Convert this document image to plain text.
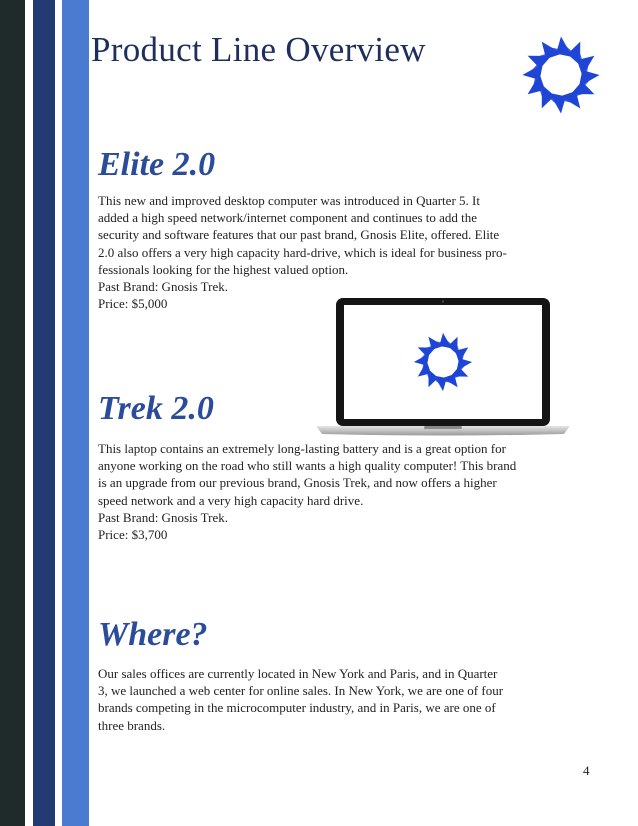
Product Line Overview
Elite 2.0
This new and improved desktop computer was introduced in Quarter 5. It
added a high speed network/internet component and continues to add the
security and software features that our past brand, Gnosis Elite, offered. Elite
2.0 also offers a very high capacity hard-drive, which is ideal for business pro-
fessionals looking for the highest valued option.
Past Brand: Gnosis Trek.
Price: $5,000
Trek 2.0
This laptop contains an extremely long-lasting battery and is a great option for
anyone working on the road who still wants a high quality computer! This brand
is an upgrade from our previous brand, Gnosis Trek, and now offers a higher
speed network and a very high capacity hard drive.
Past Brand: Gnosis Trek.
Price: $3,700
Where?
Our sales offices are currently located in New York and Paris, and in Quarter
3, we launched a web center for online sales. In New York, we are one of four
brands competing in the microcomputer industry, and in Paris, we are one of
three brands.
4
